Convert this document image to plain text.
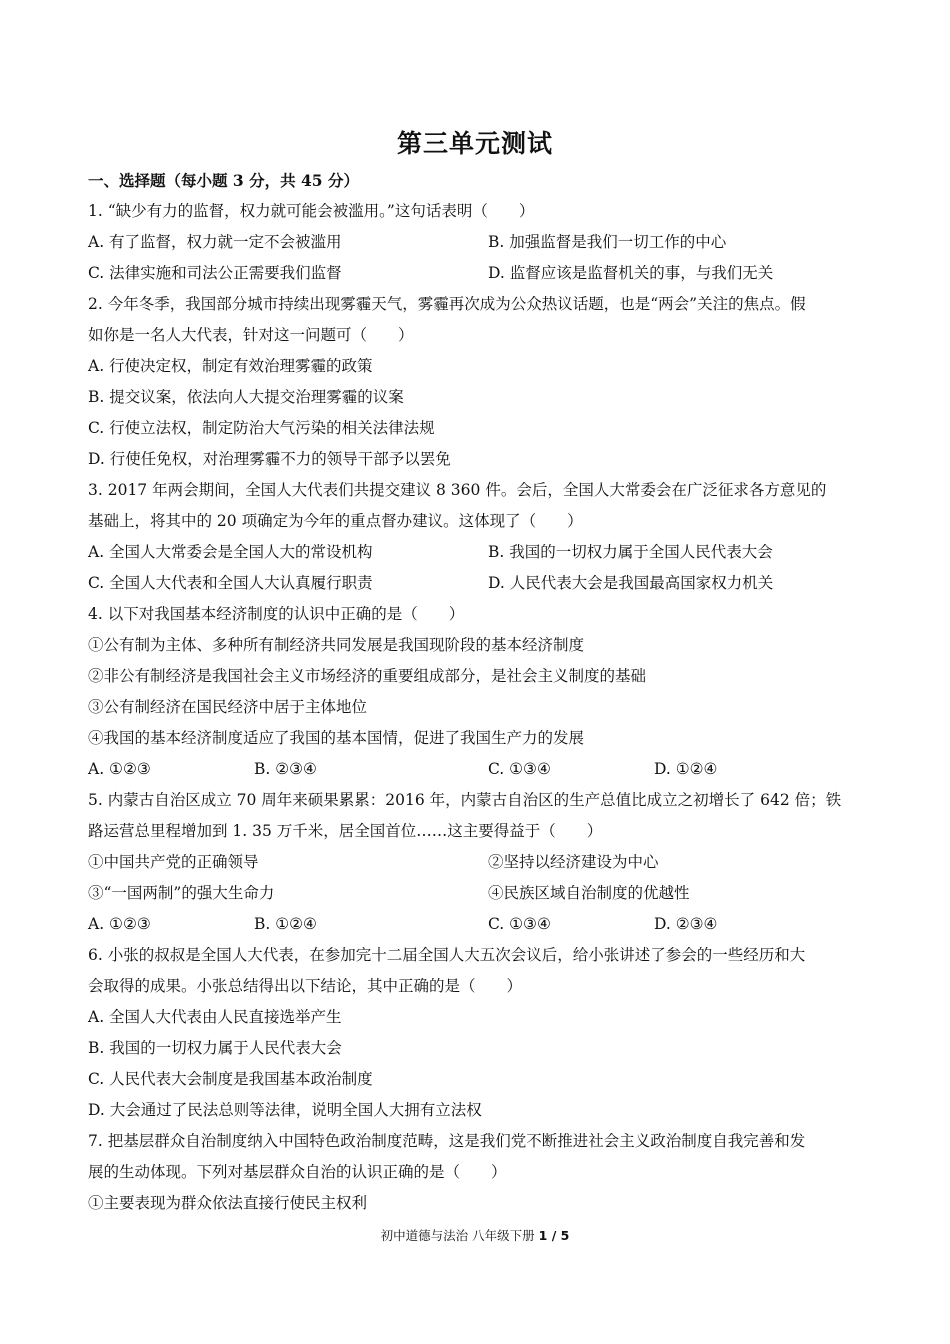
第三单元测试
一、选择题（每小题 3 分，共 45 分）
1. “缺少有力的监督，权力就可能会被滥用。”这句话表明（　　）
A. 有了监督，权力就一定不会被滥用	B. 加强监督是我们一切工作的中心
C. 法律实施和司法公正需要我们监督	D. 监督应该是监督机关的事，与我们无关
2. 今年冬季，我国部分城市持续出现雾霾天气，雾霾再次成为公众热议话题，也是“两会”关注的焦点。假
如你是一名人大代表，针对这一问题可（　　）
A. 行使决定权，制定有效治理雾霾的政策
B. 提交议案，依法向人大提交治理雾霾的议案
C. 行使立法权，制定防治大气污染的相关法律法规
D. 行使任免权，对治理雾霾不力的领导干部予以罢免
3. 2017 年两会期间，全国人大代表们共提交建议 8 360 件。会后，全国人大常委会在广泛征求各方意见的
基础上，将其中的 20 项确定为今年的重点督办建议。这体现了（　　）
A. 全国人大常委会是全国人大的常设机构	B. 我国的一切权力属于全国人民代表大会
C. 全国人大代表和全国人大认真履行职责	D. 人民代表大会是我国最高国家权力机关
4. 以下对我国基本经济制度的认识中正确的是（　　）
①公有制为主体、多种所有制经济共同发展是我国现阶段的基本经济制度
②非公有制经济是我国社会主义市场经济的重要组成部分，是社会主义制度的基础
③公有制经济在国民经济中居于主体地位
④我国的基本经济制度适应了我国的基本国情，促进了我国生产力的发展
A. ①②③	B. ②③④	C. ①③④	D. ①②④
5. 内蒙古自治区成立 70 周年来硕果累累：2016 年，内蒙古自治区的生产总值比成立之初增长了 642 倍；铁
路运营总里程增加到 1. 35 万千米，居全国首位……这主要得益于（　　）
①中国共产党的正确领导	②坚持以经济建设为中心
③“一国两制”的强大生命力	④民族区域自治制度的优越性
A. ①②③	B. ①②④	C. ①③④	D. ②③④
6. 小张的叔叔是全国人大代表，在参加完十二届全国人大五次会议后，给小张讲述了参会的一些经历和大
会取得的成果。小张总结得出以下结论，其中正确的是（　　）
A. 全国人大代表由人民直接选举产生
B. 我国的一切权力属于人民代表大会
C. 人民代表大会制度是我国基本政治制度
D. 大会通过了民法总则等法律，说明全国人大拥有立法权
7. 把基层群众自治制度纳入中国特色政治制度范畴，这是我们党不断推进社会主义政治制度自我完善和发
展的生动体现。下列对基层群众自治的认识正确的是（　　）
①主要表现为群众依法直接行使民主权利
初中道德与法治 八年级下册 1 / 5
